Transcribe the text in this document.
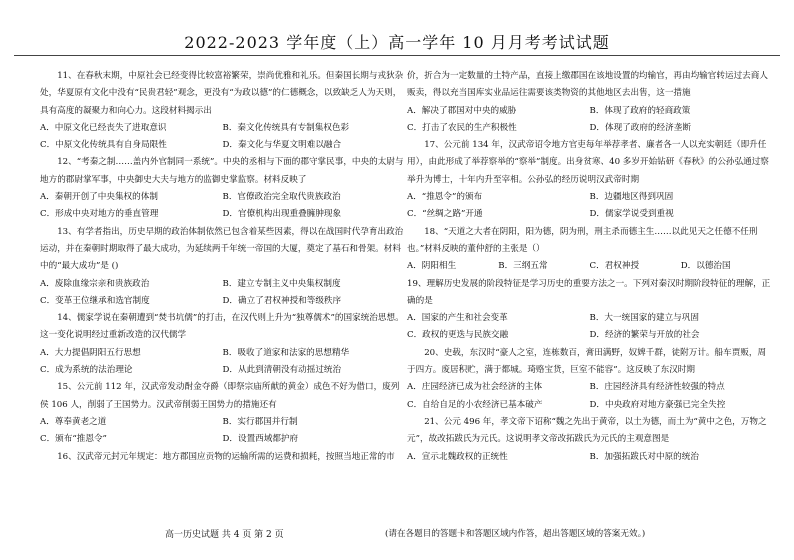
2022-2023 学年度（上）高一学年 10 月月考考试试题

11、在春秋末期，中原社会已经变得比较富裕繁荣，崇尚优雅和礼乐。但秦国长期与戎狄杂处，华夏原有文化中没有“民贵君轻”观念，更没有“为政以德”的仁德概念，以致缺乏人为天则，具有高度的凝聚力和向心力。这段材料揭示出

A．中原文化已经丧失了进取意识	B．秦文化传统具有专制集权色彩
C．中原文化传统具有自身局限性	D．秦文化与华夏文明难以融合

12、“考秦之制……盖内外官制同一系统”。中央的丞相与下面的郡守掌民事，中央的太尉与地方的郡尉掌军事，中央御史大夫与地方的监御史掌监察。材料反映了

A．秦朝开创了中央集权的体制	B．官僚政治完全取代贵族政治
C．形成中央对地方的垂直管理	D．官僚机构出现重叠臃肿现象

13、有学者指出，历史早期的政治体制依然已包含着某些因素，得以在战国时代孕育出政治运动，并在秦朝时期取得了最大成功，为延续两千年统一帝国的大厦，奠定了基石和骨架。材料中的“最大成功”是 ()

A．废除血缘宗亲和贵族政治	B．建立专制主义中央集权制度
C．变革王位继承和选官制度	D．确立了君权神授和等级秩序

14、儒家学说在秦朝遭到“焚书坑儒”的打击，在汉代则上升为“独尊儒术”的国家统治思想。这一变化说明经过重新改造的汉代儒学

A．大力提倡阴阳五行思想	B．吸收了道家和法家的思想精华
C．成为系统的法治理论	D．从此到清朝没有动摇过统治

15、公元前 112 年，汉武帝发动酎金夺爵（即祭宗庙所献的黄金）成色不好为借口，废列侯 106 人，削弱了王国势力。汉武帝削弱王国势力的措施还有

A．尊奉黄老之道	B．实行郡国并行制
C．颁布“推恩令”	D．设置西域都护府

16、汉武帝元封元年规定：地方郡国应贡物的运输所需的运费和损耗，按照当地正常的市

价，折合为一定数量的土特产品，直接上缴郡国在该地设置的均输官，再由均输官转运过去商人贩卖，得以充当国库实业品运往需要该类物资的其他地区去出售，这一措施

A．解决了郡国对中央的威胁	B．体现了政府的轻商政策
C．打击了农民的生产积极性	D．体现了政府的经济垄断

17、公元前 134 年，汉武帝诏令地方官吏每年举荐孝者、廉者各一人以充实朝廷（即升任用），由此形成了举荐察举的“察举”制度。出身贫寒、40 多岁开始钻研《春秋》的公孙弘通过察举升为博士，十年内升至宰相。公孙弘的经历说明汉武帝时期

A．“推恩令”的颁布	B．边疆地区得到巩固
C．“丝绸之路”开通	D．儒家学说受到重视

18、“天道之大者在阴阳，阳为德，阴为刑，刑主杀而德主生……以此见天之任德不任刑也。”材料反映的董仲舒的主张是（）

A．阴阳相生	B．三纲五常	C．君权神授	D．以德治国

19、理解历史发展的阶段特征是学习历史的重要方法之一。下列对秦汉时期阶段特征的理解，正确的是

A．国家的产生和社会变革	B．大一统国家的建立与巩固
C．政权的更迭与民族交融	D．经济的繁荣与开放的社会

20、史载，东汉时“豪人之室，连栋数百，膏田满野，奴婢千群，徒附万计。船车贾贩，周于四方。废居积贮，满于都城。琦赂宝货，巨室不能容”。这反映了东汉时期

A．庄园经济已成为社会经济的主体	B．庄园经济具有经济性较强的特点
C．自给自足的小农经济已基本破产	D．中央政府对地方豪强已完全失控

21、公元 496 年，孝文帝下诏称“魏之先出于黄帝，以土为德，而土为“黄中之色，万物之元”，故改拓跋氏为元氏。这说明孝文帝改拓跋氏为元氏的主观意图是

A．宣示北魏政权的正统性	B．加强拓跋氏对中原的统治
高一历史试题 共 4 页 第 2 页	(请在各题目的答题卡和答题区域内作答，超出答题区域的答案无效。)
